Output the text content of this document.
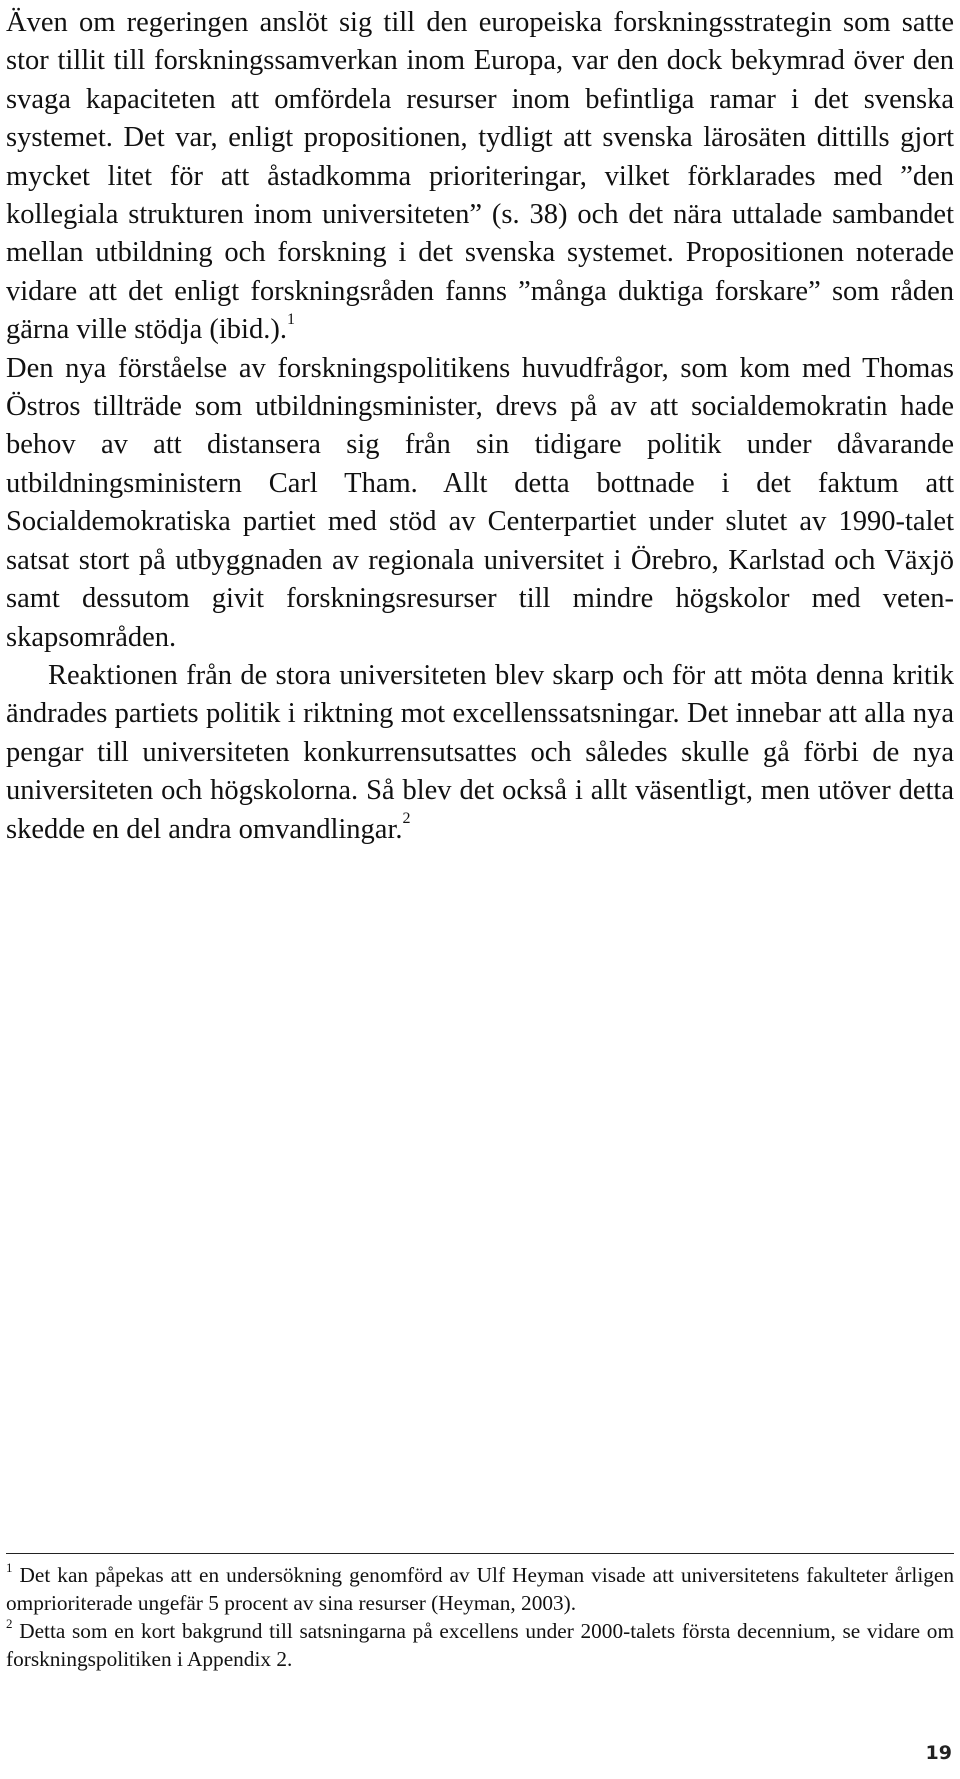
Även om regeringen anslöt sig till den europeiska forskningsstrategin som satte stor tillit till forskningssamverkan inom Europa, var den dock bekymrad över den svaga kapaciteten att omfördela resurser inom befintliga ramar i det svenska systemet. Det var, enligt propositionen, tydligt att svenska lärosäten dittills gjort mycket litet för att åstadkomma prioriteringar, vilket förklarades med ”den kollegiala strukturen inom universiteten” (s. 38) och det nära uttalade sambandet mellan utbildning och forskning i det svenska systemet. Propositionen noterade vidare att det enligt forskningsråden fanns ”många duktiga forskare” som råden gärna ville stödja (ibid.).$^1$

Den nya förståelse av forskningspolitikens huvudfrågor, som kom med Thomas Östros tillträde som utbildningsminister, drevs på av att socialdemokratin hade behov av att distansera sig från sin tidigare politik under dåvarande utbildningsministern Carl Tham. Allt detta bottnade i det faktum att Socialdemokratiska partiet med stöd av Centerpartiet under slutet av 1990-talet satsat stort på utbyggnaden av regionala universitet i Örebro, Karlstad och Växjö samt dessutom givit forskningsresurser till mindre högskolor med vetenskapsområden.

Reaktionen från de stora universiteten blev skarp och för att möta denna kritik ändrades partiets politik i riktning mot excellenssatsningar. Det innebar att alla nya pengar till universiteten konkurrensutsattes och således skulle gå förbi de nya universiteten och högskolorna. Så blev det också i allt väsentligt, men utöver detta skedde en del andra omvandlingar.$^2$

$^1$ Det kan påpekas att en undersökning genomförd av Ulf Heyman visade att universitetens fakulteter årligen omprioriterade ungefär 5 procent av sina resurser (Heyman, 2003).

$^2$ Detta som en kort bakgrund till satsningarna på excellens under 2000-talets första decennium, se vidare om forskningspolitiken i Appendix 2.

19
